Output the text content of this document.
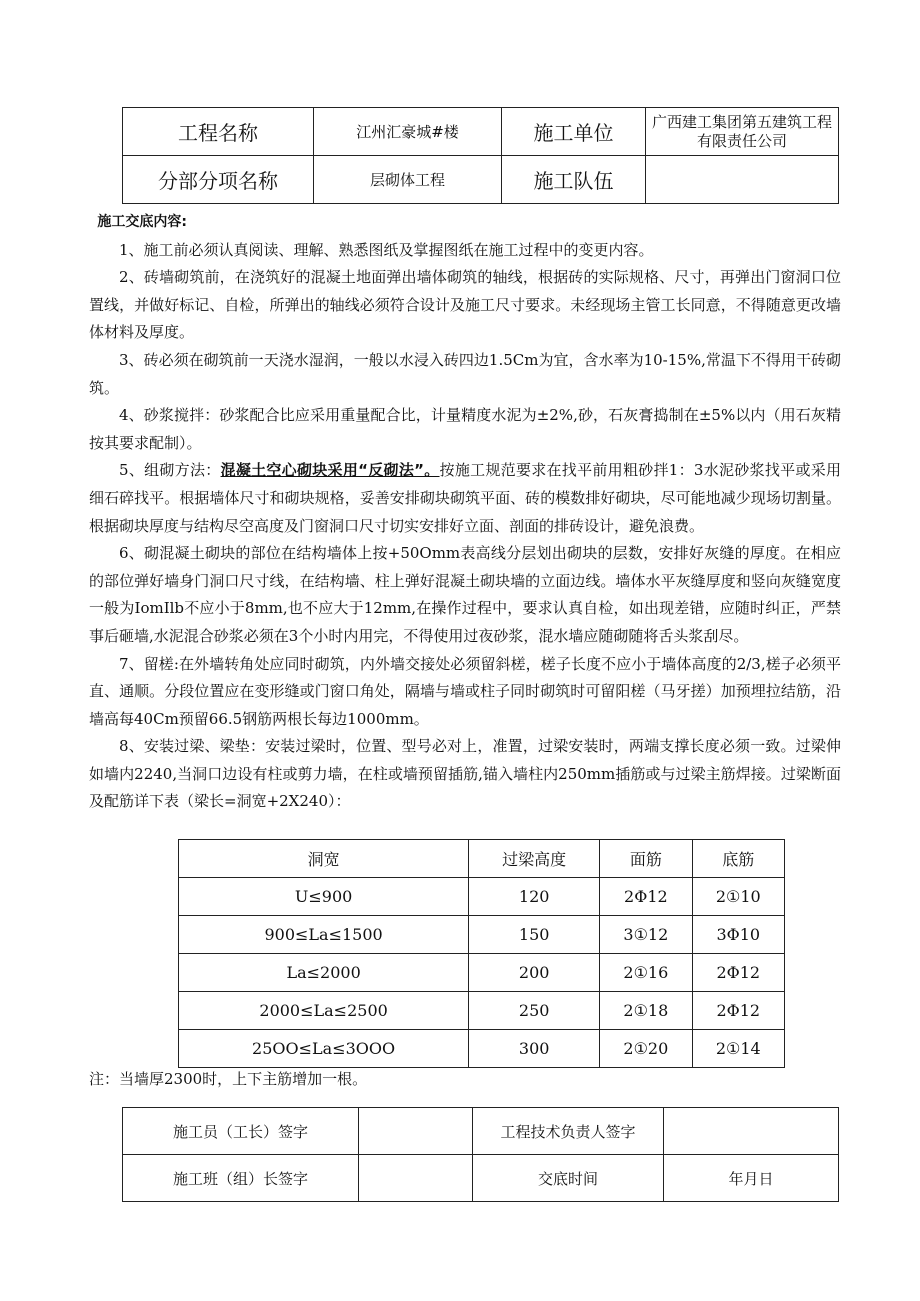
工程名称	江州汇豪城#楼	施工单位	广西建工集团第五建筑工程有限责任公司
分部分项名称	层砌体工程	施工队伍	

施工交底内容:

1、施工前必须认真阅读、理解、熟悉图纸及掌握图纸在施工过程中的变更内容。

2、砖墙砌筑前，在浇筑好的混凝土地面弹出墙体砌筑的轴线，根据砖的实际规格、尺寸，再弹出门窗洞口位置线，并做好标记、自检，所弹出的轴线必须符合设计及施工尺寸要求。未经现场主管工长同意，不得随意更改墙体材料及厚度。

3、砖必须在砌筑前一天浇水湿润，一般以水浸入砖四边1.5Cm为宜，含水率为10-15%,常温下不得用干砖砌筑。

4、砂浆搅拌：砂浆配合比应采用重量配合比，计量精度水泥为±2%,砂，石灰膏捣制在±5%以内（用石灰精按其要求配制）。

5、组砌方法：混凝土空心砌块采用“反砌法”。按施工规范要求在找平前用粗砂拌1：3水泥砂浆找平或采用细石碎找平。根据墙体尺寸和砌块规格，妥善安排砌块砌筑平面、砖的模数排好砌块，尽可能地减少现场切割量。根据砌块厚度与结构尽空高度及门窗洞口尺寸切实安排好立面、剖面的排砖设计，避免浪费。

6、砌混凝土砌块的部位在结构墙体上按+50Omm表高线分层划出砌块的层数，安排好灰缝的厚度。在相应的部位弹好墙身门洞口尺寸线，在结构墙、柱上弹好混凝土砌块墙的立面边线。墙体水平灰缝厚度和竖向灰缝宽度一般为IomIlb不应小于8mm,也不应大于12mm,在操作过程中，要求认真自检，如出现差错，应随时纠正，严禁事后砸墙,水泥混合砂浆必须在3个小时内用完，不得使用过夜砂浆，混水墙应随砌随将舌头浆刮尽。

7、留槎:在外墙转角处应同时砌筑，内外墙交接处必须留斜槎，槎子长度不应小于墙体高度的2/3,槎子必须平直、通顺。分段位置应在变形缝或门窗口角处，隔墙与墙或柱子同时砌筑时可留阳槎（马牙搓）加预埋拉结筋，沿墙高每40Cm预留66.5钢筋两根长每边1000mm。

8、安装过梁、梁垫：安装过梁时，位置、型号必对上，准置，过梁安装时，两端支撑长度必须一致。过梁伸如墙内2240,当洞口边设有柱或剪力墙，在柱或墙预留插筋,锚入墙柱内250mm插筋或与过梁主筋焊接。过梁断面及配筋详下表（梁长=洞宽+2X240）：

洞宽	过梁高度	面筋	底筋
U≤900	120	2Φ12	2①10
900≤La≤1500	150	3①12	3Φ10
La≤2000	200	2①16	2Φ12
2000≤La≤2500	250	2①18	2Φ12
25OO≤La≤3OOO	300	2①20	2①14
注：当墙厚2300时，上下主筋增加一根。
施工员（工长）签字		工程技术负责人签字	
施工班（组）长签字		交底时间	年月日
